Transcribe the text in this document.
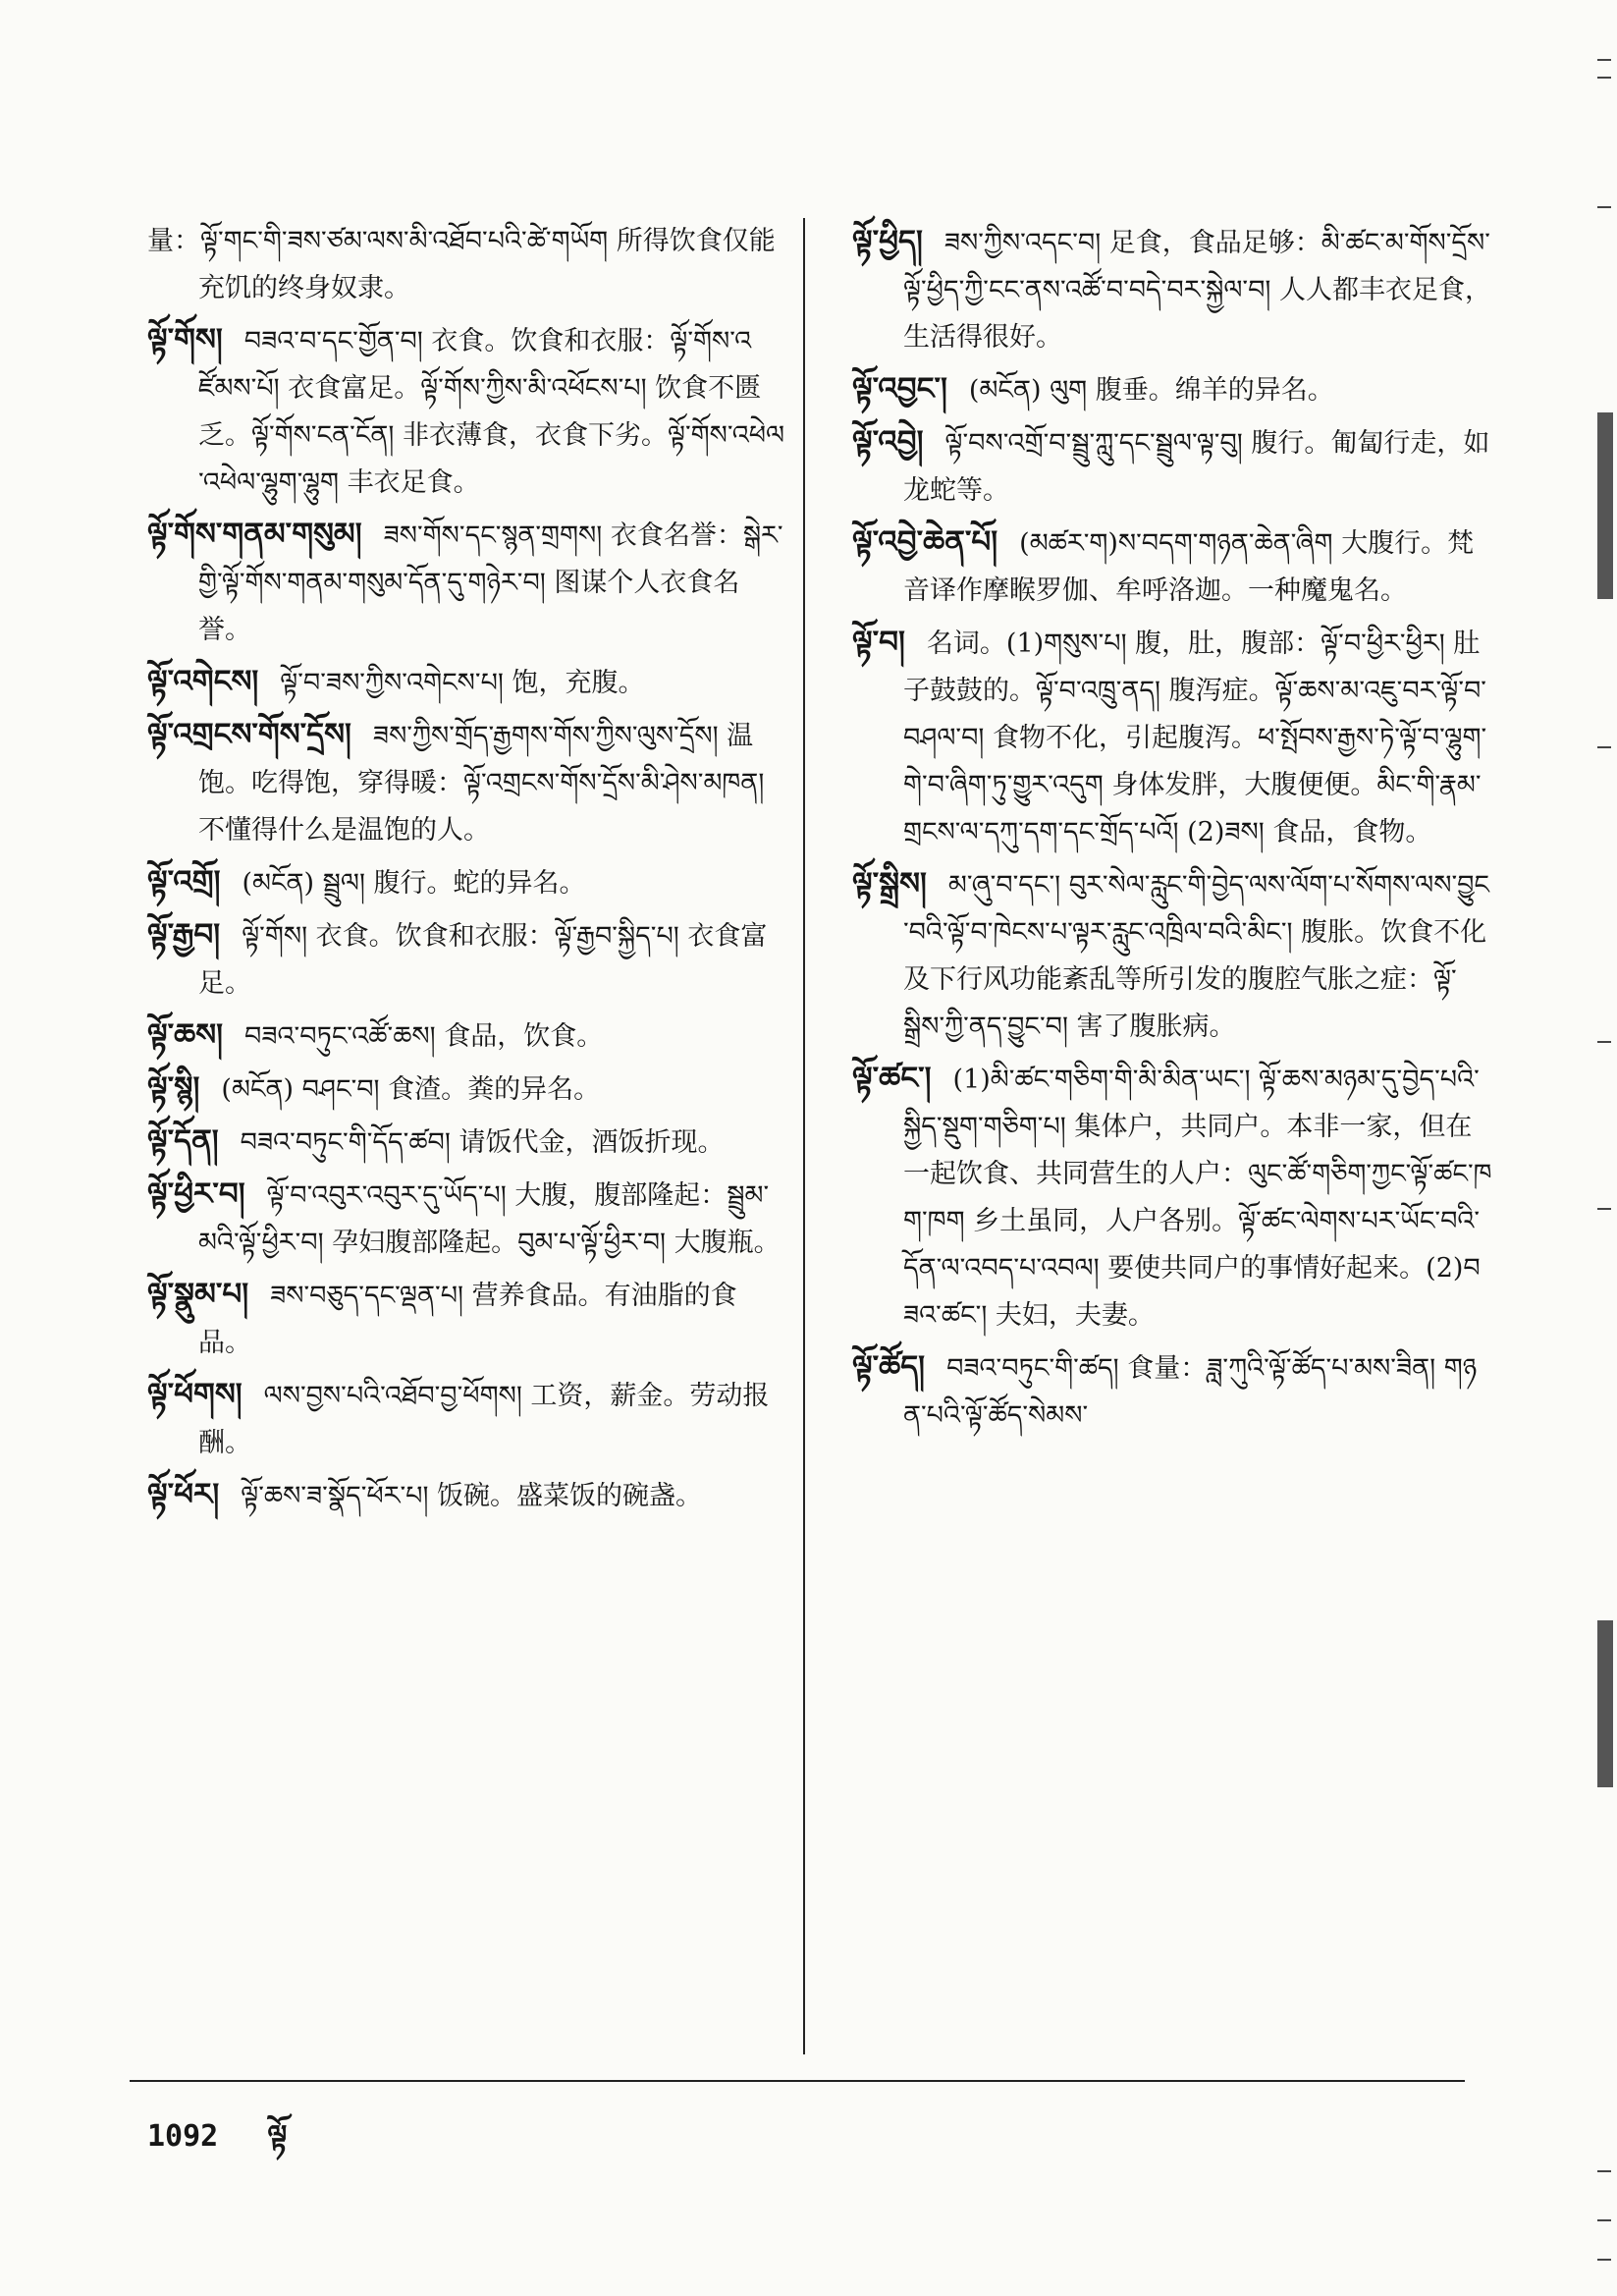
量：ལྟོ་གང་གི་ཟས་ཙམ་ལས་མི་འཐོབ་པའི་ཚེ་གཡོག 所得饮食仅能充饥的终身奴隶。
ལྟོ་གོས། བཟའ་བ་དང་གྱོན་བ། 衣食。饮食和衣服：ལྟོ་གོས་འཛོམས་པོ། 衣食富足。ལྟོ་གོས་ཀྱིས་མི་འཕོངས་པ། 饮食不匮乏。ལྟོ་གོས་ངན་ངོན། 非衣薄食，衣食下劣。ལྟོ་གོས་འཕེལ་འཕེལ་ལྷུག་ལྷུག 丰衣足食。
ལྟོ་གོས་གནམ་གསུམ། ཟས་གོས་དང་སྙན་གྲགས། 衣食名誉：སྒེར་གྱི་ལྟོ་གོས་གནམ་གསུམ་དོན་དུ་གཉེར་བ། 图谋个人衣食名誉。
ལྟོ་འགེངས། ལྟོ་བ་ཟས་ཀྱིས་འགེངས་པ། 饱，充腹。
ལྟོ་འགྲངས་གོས་དྲོས། ཟས་ཀྱིས་གྲོད་རྒྱགས་གོས་ཀྱིས་ལུས་དྲོས། 温饱。吃得饱，穿得暖：ལྟོ་འགྲངས་གོས་དྲོས་མི་ཤེས་མཁན། 不懂得什么是温饱的人。
ལྟོ་འགྲོ། (མངོན) སྦྲུལ། 腹行。蛇的异名。
ལྟོ་རྒྱབ། ལྟོ་གོས། 衣食。饮食和衣服：ལྟོ་རྒྱབ་སྐྱིད་པ། 衣食富足。
ལྟོ་ཆས། བཟའ་བཏུང་འཚོ་ཆས། 食品，饮食。
ལྟོ་སྙི། (མངོན) བཤང་བ། 食渣。粪的异名。
ལྟོ་དོན། བཟའ་བཏུང་གི་དོད་ཚབ། 请饭代金，酒饭折现。
ལྟོ་ཕྱིར་བ། ལྟོ་བ་འབུར་འབུར་དུ་ཡོད་པ། 大腹，腹部隆起：སྦྲུམ་མའི་ལྟོ་ཕྱིར་བ། 孕妇腹部隆起。བུམ་པ་ལྟོ་ཕྱིར་བ། 大腹瓶。
ལྟོ་སྣུམ་པ། ཟས་བཅུད་དང་ལྡན་པ། 营养食品。有油脂的食品。
ལྟོ་ཕོགས། ལས་བྱས་པའི་འཐོབ་བྱ་ཕོགས། 工资，薪金。劳动报酬。
ལྟོ་ཕོར། ལྟོ་ཆས་ཟ་སྣོད་ཕོར་པ། 饭碗。盛菜饭的碗盏。
ལྟོ་ཕྱིད། ཟས་ཀྱིས་འདང་བ། 足食，食品足够：མི་ཚང་མ་གོས་དྲོས་ལྟོ་ཕྱིད་ཀྱི་ངང་ནས་འཚོ་བ་བདེ་བར་སྐྱེལ་བ། 人人都丰衣足食，生活得很好。
ལྟོ་འབྱང་། (མངོན) ལུག 腹垂。绵羊的异名。
ལྟོ་འབྱེ། ལྟོ་བས་འགྲོ་བ་སྦྲུ་ཀླུ་དང་སྦྲུལ་ལྟ་བུ། 腹行。匍匐行走，如龙蛇等。
ལྟོ་འབྱེ་ཆེན་པོ། (མཚར་ག)ས་བདག་གཉན་ཆེན་ཞིག 大腹行。梵音译作摩睺罗伽、牟呼洛迦。一种魔鬼名。
ལྟོ་བ། 名词。(1)གསུས་པ། 腹，肚，腹部：ལྟོ་བ་ཕྱིར་ཕྱིར། 肚子鼓鼓的。ལྟོ་བ་འཁྲུ་ནད། 腹泻症。ལྟོ་ཆས་མ་འཇུ་བར་ལྟོ་བ་བཤལ་བ། 食物不化，引起腹泻。ཕ་སྤོབས་རྒྱས་ཏེ་ལྟོ་བ་ལྷུག་གེ་བ་ཞིག་ཏུ་གྱུར་འདུག 身体发胖，大腹便便。མིང་གི་རྣམ་གྲངས་ལ་དཀུ་དག་དང་གྲོད་པའོ། (2)ཟས། 食品，食物。
ལྟོ་སྒྲིས། མ་ཞུ་བ་དང་། བུར་སེལ་རླུང་གི་བྱེད་ལས་ལོག་པ་སོགས་ལས་བྱུང་བའི་ལྟོ་བ་ཁེངས་པ་ལྟར་རླུང་འཁྲིལ་བའི་མིང་། 腹胀。饮食不化及下行风功能紊乱等所引发的腹腔气胀之症：ལྟོ་སྒྲིས་ཀྱི་ནད་བྱུང་བ། 害了腹胀病。
ལྟོ་ཚང་། (1)མི་ཚང་གཅིག་གི་མི་མིན་ཡང་། ལྟོ་ཆས་མཉམ་དུ་བྱེད་པའི་སྐྱིད་སྡུག་གཅིག་པ། 集体户，共同户。本非一家，但在一起饮食、共同营生的人户：ལུང་ཚོ་གཅིག་ཀྱང་ལྟོ་ཚང་ཁག་ཁག 乡土虽同，人户各别。ལྟོ་ཚང་ལེགས་པར་ཡོང་བའི་དོན་ལ་འབད་པ་འབལ། 要使共同户的事情好起来。(2)བཟའ་ཚང་། 夫妇，夫妻。
ལྟོ་ཚོད། བཟའ་བཏུང་གི་ཚད། 食量：ཟླ་ཀུའི་ལྟོ་ཚོད་པ་མས་ཟིན། གཉན་པའི་ལྟོ་ཚོད་སེམས་
1092 ལྟོ
